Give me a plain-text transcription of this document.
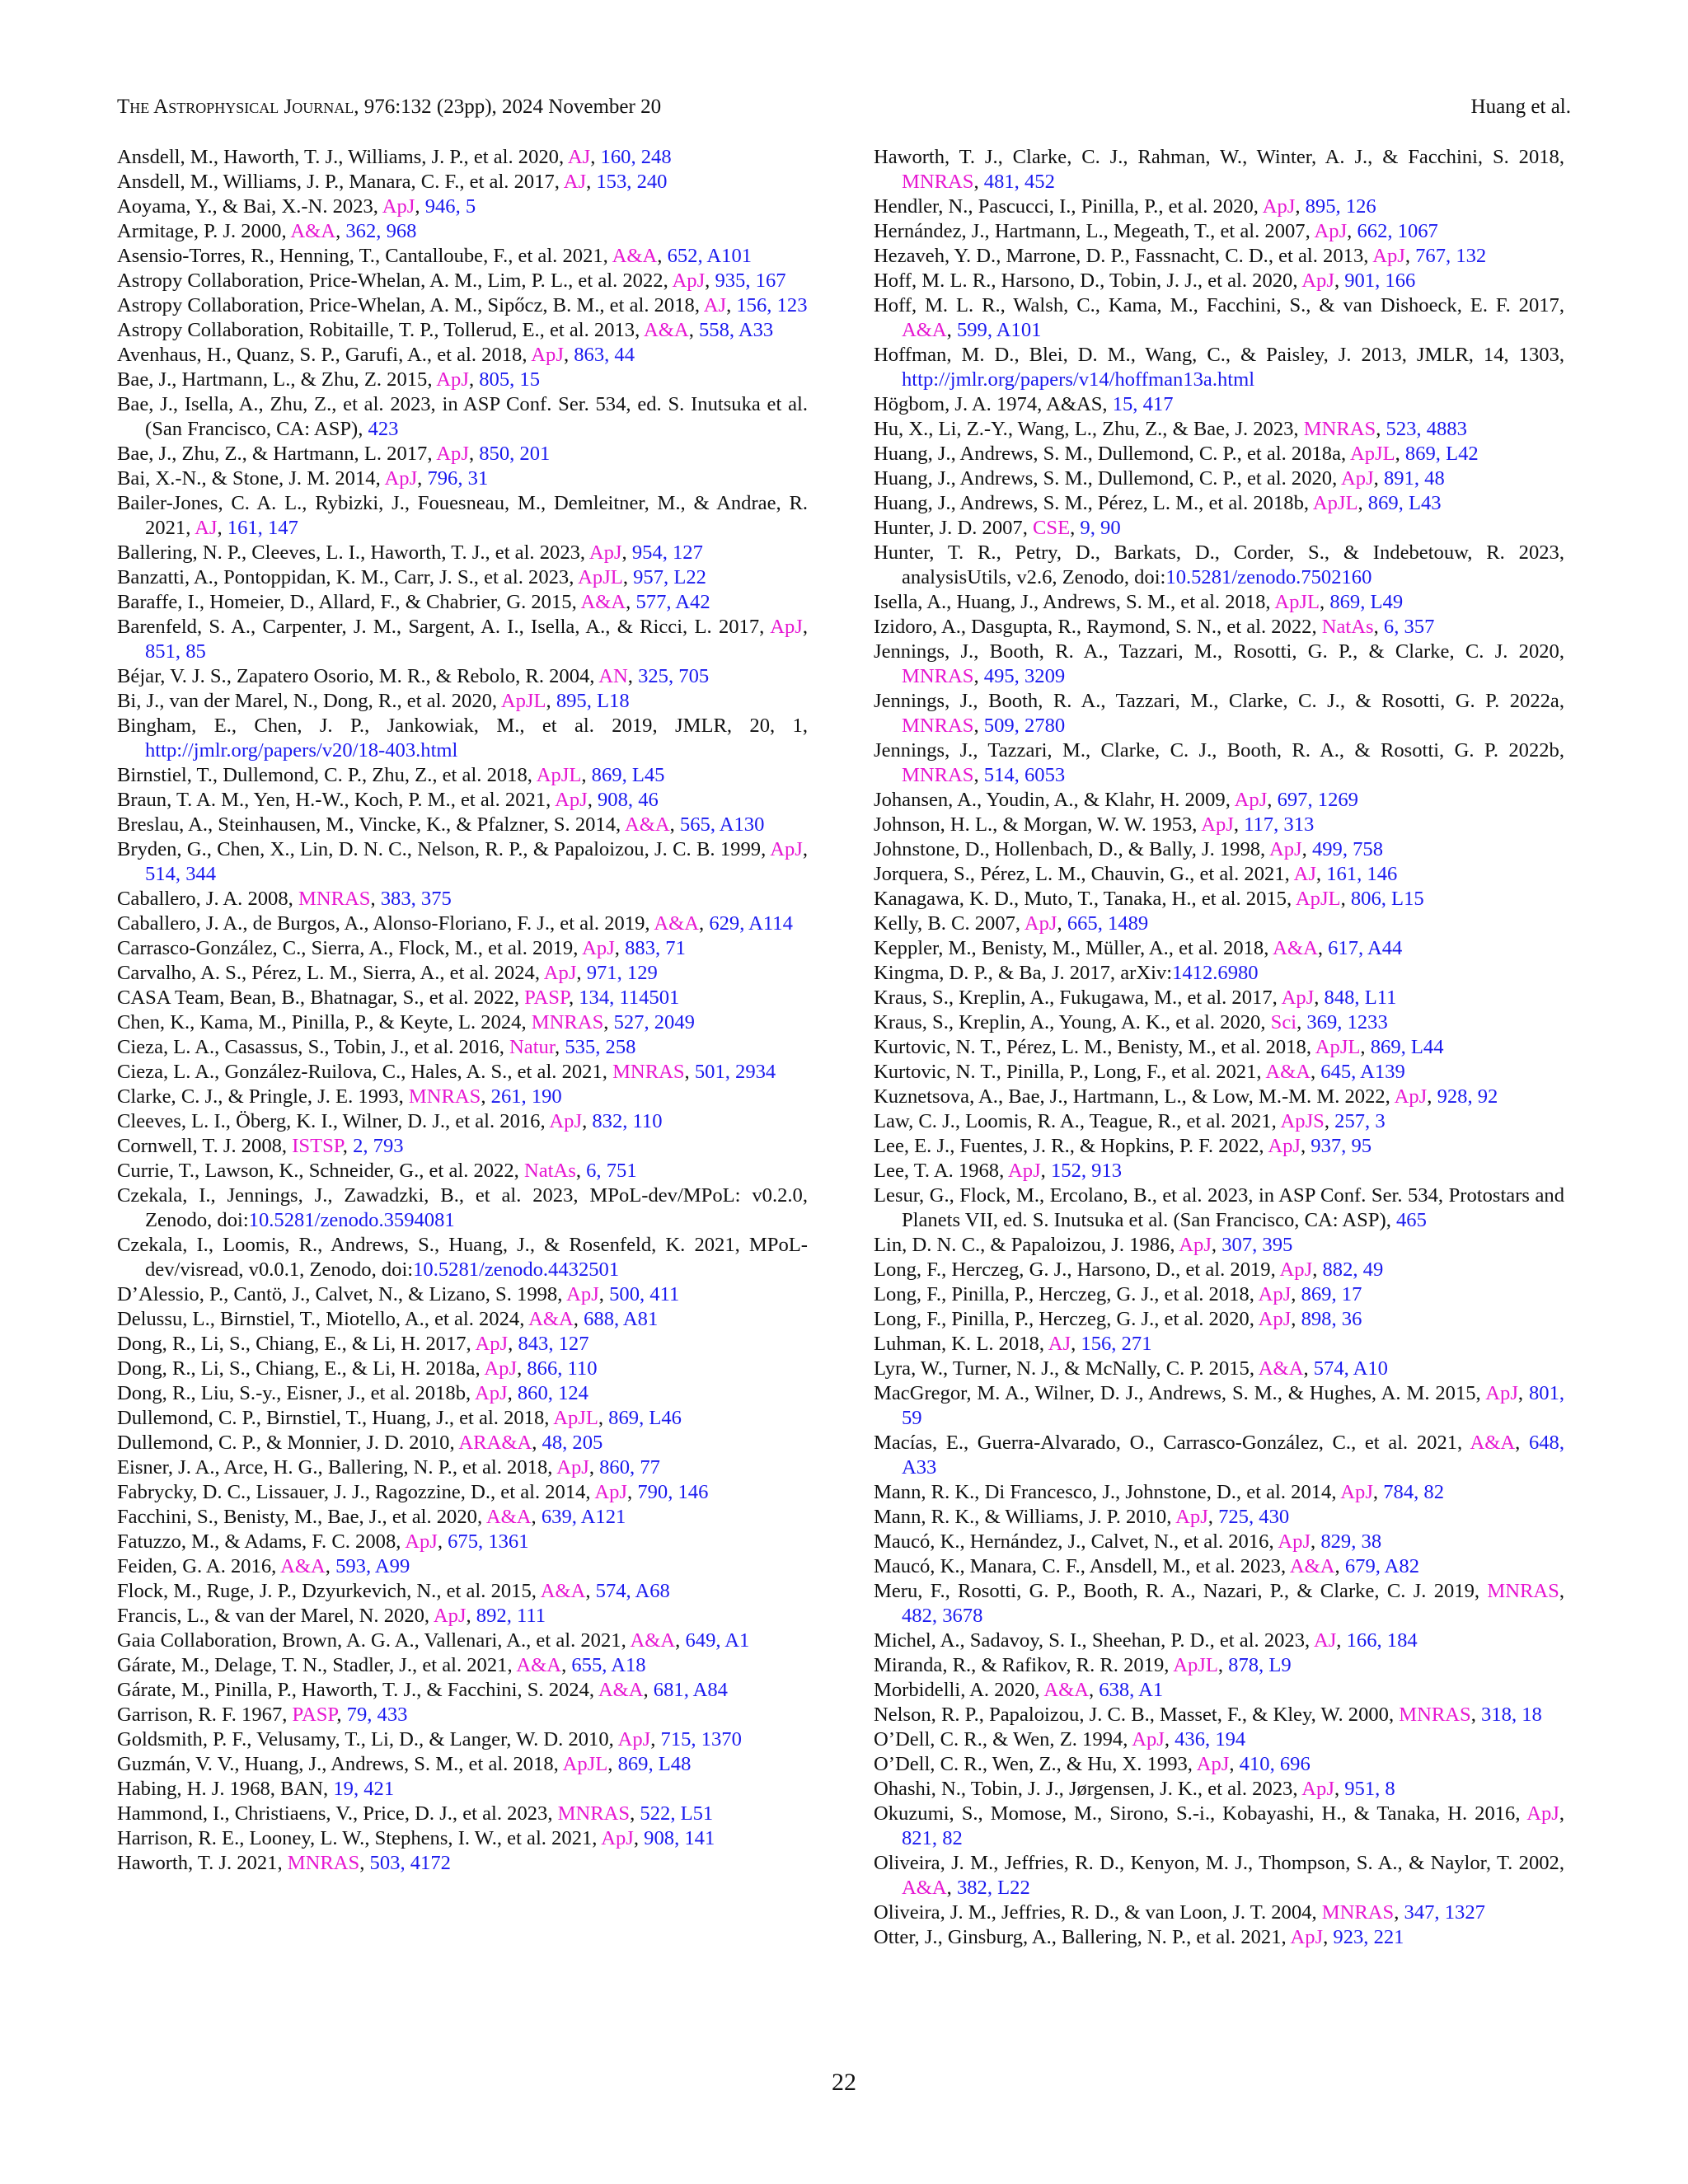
The Astrophysical Journal, 976:132 (23pp), 2024 November 20	Huang et al.

Ansdell, M., Haworth, T. J., Williams, J. P., et al. 2020, AJ, 160, 248

Ansdell, M., Williams, J. P., Manara, C. F., et al. 2017, AJ, 153, 240

Aoyama, Y., & Bai, X.-N. 2023, ApJ, 946, 5

Armitage, P. J. 2000, A&A, 362, 968

Asensio-Torres, R., Henning, T., Cantalloube, F., et al. 2021, A&A, 652, A101

Astropy Collaboration, Price-Whelan, A. M., Lim, P. L., et al. 2022, ApJ, 935, 167

Astropy Collaboration, Price-Whelan, A. M., Sipőcz, B. M., et al. 2018, AJ, 156, 123

Astropy Collaboration, Robitaille, T. P., Tollerud, E., et al. 2013, A&A, 558, A33

Avenhaus, H., Quanz, S. P., Garufi, A., et al. 2018, ApJ, 863, 44

Bae, J., Hartmann, L., & Zhu, Z. 2015, ApJ, 805, 15

Bae, J., Isella, A., Zhu, Z., et al. 2023, in ASP Conf. Ser. 534, ed. S. Inutsuka et al. (San Francisco, CA: ASP), 423

Bae, J., Zhu, Z., & Hartmann, L. 2017, ApJ, 850, 201

Bai, X.-N., & Stone, J. M. 2014, ApJ, 796, 31

Bailer-Jones, C. A. L., Rybizki, J., Fouesneau, M., Demleitner, M., & Andrae, R. 2021, AJ, 161, 147

Ballering, N. P., Cleeves, L. I., Haworth, T. J., et al. 2023, ApJ, 954, 127

Banzatti, A., Pontoppidan, K. M., Carr, J. S., et al. 2023, ApJL, 957, L22

Baraffe, I., Homeier, D., Allard, F., & Chabrier, G. 2015, A&A, 577, A42

Barenfeld, S. A., Carpenter, J. M., Sargent, A. I., Isella, A., & Ricci, L. 2017, ApJ, 851, 85

Béjar, V. J. S., Zapatero Osorio, M. R., & Rebolo, R. 2004, AN, 325, 705

Bi, J., van der Marel, N., Dong, R., et al. 2020, ApJL, 895, L18

Bingham, E., Chen, J. P., Jankowiak, M., et al. 2019, JMLR, 20, 1, http://jmlr.org/papers/v20/18-403.html

Birnstiel, T., Dullemond, C. P., Zhu, Z., et al. 2018, ApJL, 869, L45

Braun, T. A. M., Yen, H.-W., Koch, P. M., et al. 2021, ApJ, 908, 46

Breslau, A., Steinhausen, M., Vincke, K., & Pfalzner, S. 2014, A&A, 565, A130

Bryden, G., Chen, X., Lin, D. N. C., Nelson, R. P., & Papaloizou, J. C. B. 1999, ApJ, 514, 344

Caballero, J. A. 2008, MNRAS, 383, 375

Caballero, J. A., de Burgos, A., Alonso-Floriano, F. J., et al. 2019, A&A, 629, A114

Carrasco-González, C., Sierra, A., Flock, M., et al. 2019, ApJ, 883, 71

Carvalho, A. S., Pérez, L. M., Sierra, A., et al. 2024, ApJ, 971, 129

CASA Team, Bean, B., Bhatnagar, S., et al. 2022, PASP, 134, 114501

Chen, K., Kama, M., Pinilla, P., & Keyte, L. 2024, MNRAS, 527, 2049

Cieza, L. A., Casassus, S., Tobin, J., et al. 2016, Natur, 535, 258

Cieza, L. A., González-Ruilova, C., Hales, A. S., et al. 2021, MNRAS, 501, 2934

Clarke, C. J., & Pringle, J. E. 1993, MNRAS, 261, 190

Cleeves, L. I., Öberg, K. I., Wilner, D. J., et al. 2016, ApJ, 832, 110

Cornwell, T. J. 2008, ISTSP, 2, 793

Currie, T., Lawson, K., Schneider, G., et al. 2022, NatAs, 6, 751

Czekala, I., Jennings, J., Zawadzki, B., et al. 2023, MPoL-dev/MPoL: v0.2.0, Zenodo, doi:10.5281/zenodo.3594081

Czekala, I., Loomis, R., Andrews, S., Huang, J., & Rosenfeld, K. 2021, MPoL-dev/visread, v0.0.1, Zenodo, doi:10.5281/zenodo.4432501

D’Alessio, P., Cantö, J., Calvet, N., & Lizano, S. 1998, ApJ, 500, 411

Delussu, L., Birnstiel, T., Miotello, A., et al. 2024, A&A, 688, A81

Dong, R., Li, S., Chiang, E., & Li, H. 2017, ApJ, 843, 127

Dong, R., Li, S., Chiang, E., & Li, H. 2018a, ApJ, 866, 110

Dong, R., Liu, S.-y., Eisner, J., et al. 2018b, ApJ, 860, 124

Dullemond, C. P., Birnstiel, T., Huang, J., et al. 2018, ApJL, 869, L46

Dullemond, C. P., & Monnier, J. D. 2010, ARA&A, 48, 205

Eisner, J. A., Arce, H. G., Ballering, N. P., et al. 2018, ApJ, 860, 77

Fabrycky, D. C., Lissauer, J. J., Ragozzine, D., et al. 2014, ApJ, 790, 146

Facchini, S., Benisty, M., Bae, J., et al. 2020, A&A, 639, A121

Fatuzzo, M., & Adams, F. C. 2008, ApJ, 675, 1361

Feiden, G. A. 2016, A&A, 593, A99

Flock, M., Ruge, J. P., Dzyurkevich, N., et al. 2015, A&A, 574, A68

Francis, L., & van der Marel, N. 2020, ApJ, 892, 111

Gaia Collaboration, Brown, A. G. A., Vallenari, A., et al. 2021, A&A, 649, A1

Gárate, M., Delage, T. N., Stadler, J., et al. 2021, A&A, 655, A18

Gárate, M., Pinilla, P., Haworth, T. J., & Facchini, S. 2024, A&A, 681, A84

Garrison, R. F. 1967, PASP, 79, 433

Goldsmith, P. F., Velusamy, T., Li, D., & Langer, W. D. 2010, ApJ, 715, 1370

Guzmán, V. V., Huang, J., Andrews, S. M., et al. 2018, ApJL, 869, L48

Habing, H. J. 1968, BAN, 19, 421

Hammond, I., Christiaens, V., Price, D. J., et al. 2023, MNRAS, 522, L51

Harrison, R. E., Looney, L. W., Stephens, I. W., et al. 2021, ApJ, 908, 141

Haworth, T. J. 2021, MNRAS, 503, 4172

Haworth, T. J., Clarke, C. J., Rahman, W., Winter, A. J., & Facchini, S. 2018, MNRAS, 481, 452

Hendler, N., Pascucci, I., Pinilla, P., et al. 2020, ApJ, 895, 126

Hernández, J., Hartmann, L., Megeath, T., et al. 2007, ApJ, 662, 1067

Hezaveh, Y. D., Marrone, D. P., Fassnacht, C. D., et al. 2013, ApJ, 767, 132

Hoff, M. L. R., Harsono, D., Tobin, J. J., et al. 2020, ApJ, 901, 166

Hoff, M. L. R., Walsh, C., Kama, M., Facchini, S., & van Dishoeck, E. F. 2017, A&A, 599, A101

Hoffman, M. D., Blei, D. M., Wang, C., & Paisley, J. 2013, JMLR, 14, 1303, http://jmlr.org/papers/v14/hoffman13a.html

Högbom, J. A. 1974, A&AS, 15, 417

Hu, X., Li, Z.-Y., Wang, L., Zhu, Z., & Bae, J. 2023, MNRAS, 523, 4883

Huang, J., Andrews, S. M., Dullemond, C. P., et al. 2018a, ApJL, 869, L42

Huang, J., Andrews, S. M., Dullemond, C. P., et al. 2020, ApJ, 891, 48

Huang, J., Andrews, S. M., Pérez, L. M., et al. 2018b, ApJL, 869, L43

Hunter, J. D. 2007, CSE, 9, 90

Hunter, T. R., Petry, D., Barkats, D., Corder, S., & Indebetouw, R. 2023, analysisUtils, v2.6, Zenodo, doi:10.5281/zenodo.7502160

Isella, A., Huang, J., Andrews, S. M., et al. 2018, ApJL, 869, L49

Izidoro, A., Dasgupta, R., Raymond, S. N., et al. 2022, NatAs, 6, 357

Jennings, J., Booth, R. A., Tazzari, M., Rosotti, G. P., & Clarke, C. J. 2020, MNRAS, 495, 3209

Jennings, J., Booth, R. A., Tazzari, M., Clarke, C. J., & Rosotti, G. P. 2022a, MNRAS, 509, 2780

Jennings, J., Tazzari, M., Clarke, C. J., Booth, R. A., & Rosotti, G. P. 2022b, MNRAS, 514, 6053

Johansen, A., Youdin, A., & Klahr, H. 2009, ApJ, 697, 1269

Johnson, H. L., & Morgan, W. W. 1953, ApJ, 117, 313

Johnstone, D., Hollenbach, D., & Bally, J. 1998, ApJ, 499, 758

Jorquera, S., Pérez, L. M., Chauvin, G., et al. 2021, AJ, 161, 146

Kanagawa, K. D., Muto, T., Tanaka, H., et al. 2015, ApJL, 806, L15

Kelly, B. C. 2007, ApJ, 665, 1489

Keppler, M., Benisty, M., Müller, A., et al. 2018, A&A, 617, A44

Kingma, D. P., & Ba, J. 2017, arXiv:1412.6980

Kraus, S., Kreplin, A., Fukugawa, M., et al. 2017, ApJ, 848, L11

Kraus, S., Kreplin, A., Young, A. K., et al. 2020, Sci, 369, 1233

Kurtovic, N. T., Pérez, L. M., Benisty, M., et al. 2018, ApJL, 869, L44

Kurtovic, N. T., Pinilla, P., Long, F., et al. 2021, A&A, 645, A139

Kuznetsova, A., Bae, J., Hartmann, L., & Low, M.-M. M. 2022, ApJ, 928, 92

Law, C. J., Loomis, R. A., Teague, R., et al. 2021, ApJS, 257, 3

Lee, E. J., Fuentes, J. R., & Hopkins, P. F. 2022, ApJ, 937, 95

Lee, T. A. 1968, ApJ, 152, 913

Lesur, G., Flock, M., Ercolano, B., et al. 2023, in ASP Conf. Ser. 534, Protostars and Planets VII, ed. S. Inutsuka et al. (San Francisco, CA: ASP), 465

Lin, D. N. C., & Papaloizou, J. 1986, ApJ, 307, 395

Long, F., Herczeg, G. J., Harsono, D., et al. 2019, ApJ, 882, 49

Long, F., Pinilla, P., Herczeg, G. J., et al. 2018, ApJ, 869, 17

Long, F., Pinilla, P., Herczeg, G. J., et al. 2020, ApJ, 898, 36

Luhman, K. L. 2018, AJ, 156, 271

Lyra, W., Turner, N. J., & McNally, C. P. 2015, A&A, 574, A10

MacGregor, M. A., Wilner, D. J., Andrews, S. M., & Hughes, A. M. 2015, ApJ, 801, 59

Macías, E., Guerra-Alvarado, O., Carrasco-González, C., et al. 2021, A&A, 648, A33

Mann, R. K., Di Francesco, J., Johnstone, D., et al. 2014, ApJ, 784, 82

Mann, R. K., & Williams, J. P. 2010, ApJ, 725, 430

Maucó, K., Hernández, J., Calvet, N., et al. 2016, ApJ, 829, 38

Maucó, K., Manara, C. F., Ansdell, M., et al. 2023, A&A, 679, A82

Meru, F., Rosotti, G. P., Booth, R. A., Nazari, P., & Clarke, C. J. 2019, MNRAS, 482, 3678

Michel, A., Sadavoy, S. I., Sheehan, P. D., et al. 2023, AJ, 166, 184

Miranda, R., & Rafikov, R. R. 2019, ApJL, 878, L9

Morbidelli, A. 2020, A&A, 638, A1

Nelson, R. P., Papaloizou, J. C. B., Masset, F., & Kley, W. 2000, MNRAS, 318, 18

O’Dell, C. R., & Wen, Z. 1994, ApJ, 436, 194

O’Dell, C. R., Wen, Z., & Hu, X. 1993, ApJ, 410, 696

Ohashi, N., Tobin, J. J., Jørgensen, J. K., et al. 2023, ApJ, 951, 8

Okuzumi, S., Momose, M., Sirono, S.-i., Kobayashi, H., & Tanaka, H. 2016, ApJ, 821, 82

Oliveira, J. M., Jeffries, R. D., Kenyon, M. J., Thompson, S. A., & Naylor, T. 2002, A&A, 382, L22

Oliveira, J. M., Jeffries, R. D., & van Loon, J. T. 2004, MNRAS, 347, 1327

Otter, J., Ginsburg, A., Ballering, N. P., et al. 2021, ApJ, 923, 221

22
